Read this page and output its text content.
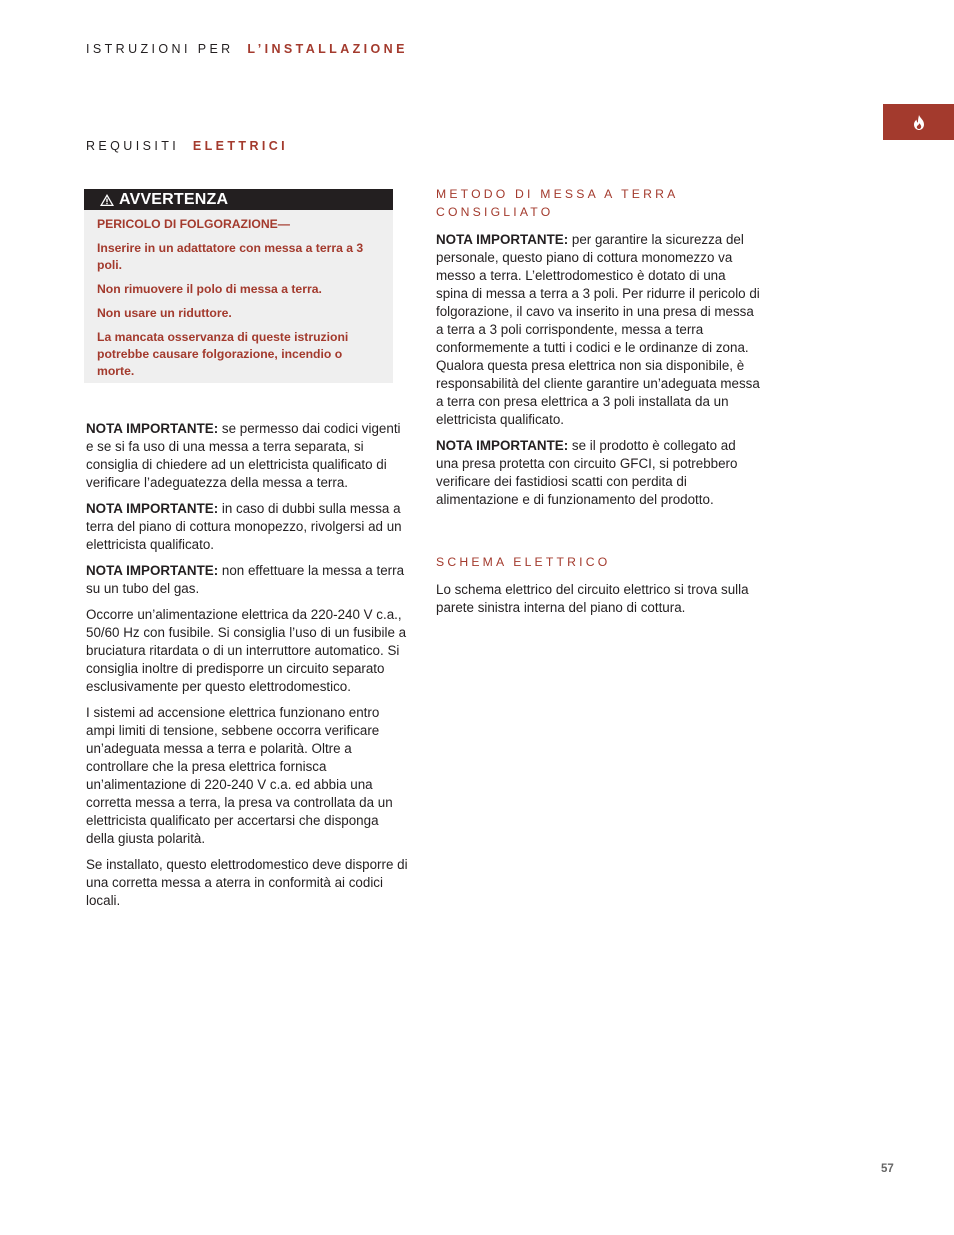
ISTRUZIONI PER L’INSTALLAZIONE
REQUISITI ELETTRICI
AVVERTENZA

PERICOLO DI FOLGORAZIONE—

Inserire in un adattatore con messa a terra a 3 poli.

Non rimuovere il polo di messa a terra.

Non usare un riduttore.

La mancata osservanza di queste istruzioni potrebbe causare folgorazione, incendio o morte.

NOTA IMPORTANTE: se permesso dai codici vigenti e se si fa uso di una messa a terra separata, si consiglia di chiedere ad un elettricista qualificato di verificare l’adeguatezza della messa a terra.

NOTA IMPORTANTE: in caso di dubbi sulla messa a terra del piano di cottura monopezzo, rivolgersi ad un elettricista qualificato.

NOTA IMPORTANTE: non effettuare la messa a terra su un tubo del gas.

Occorre un’alimentazione elettrica da 220-240 V c.a., 50/60 Hz con fusibile. Si consiglia l’uso di un fusibile a bruciatura ritardata o di un interruttore automatico. Si consiglia inoltre di predisporre un circuito separato esclusivamente per questo elettrodomestico.

I sistemi ad accensione elettrica funzionano entro ampi limiti di tensione, sebbene occorra verificare un’adeguata messa a terra e polarità. Oltre a controllare che la presa elettrica fornisca un’alimentazione di 220-240 V c.a. ed abbia una corretta messa a terra, la presa va controllata da un elettricista qualificato per accertarsi che disponga della giusta polarità.

Se installato, questo elettrodomestico deve disporre di una corretta messa a aterra in conformità ai codici locali.

METODO DI MESSA A TERRA CONSIGLIATO

NOTA IMPORTANTE: per garantire la sicurezza del personale, questo piano di cottura monomezzo va messo a terra. L’elettrodomestico è dotato di una spina di messa a terra a 3 poli. Per ridurre il pericolo di folgorazione, il cavo va inserito in una presa di messa a terra a 3 poli corrispondente, messa a terra conformemente a tutti i codici e le ordinanze di zona. Qualora questa presa elettrica non sia disponibile, è responsabilità del cliente garantire un’adeguata messa a terra con presa elettrica a 3 poli installata da un elettricista qualificato.

NOTA IMPORTANTE: se il prodotto è collegato ad una presa protetta con circuito GFCI, si potrebbero verificare dei fastidiosi scatti con perdita di alimentazione e di funzionamento del prodotto.

SCHEMA ELETTRICO

Lo schema elettrico del circuito elettrico si trova sulla parete sinistra interna del piano di cottura.

57
